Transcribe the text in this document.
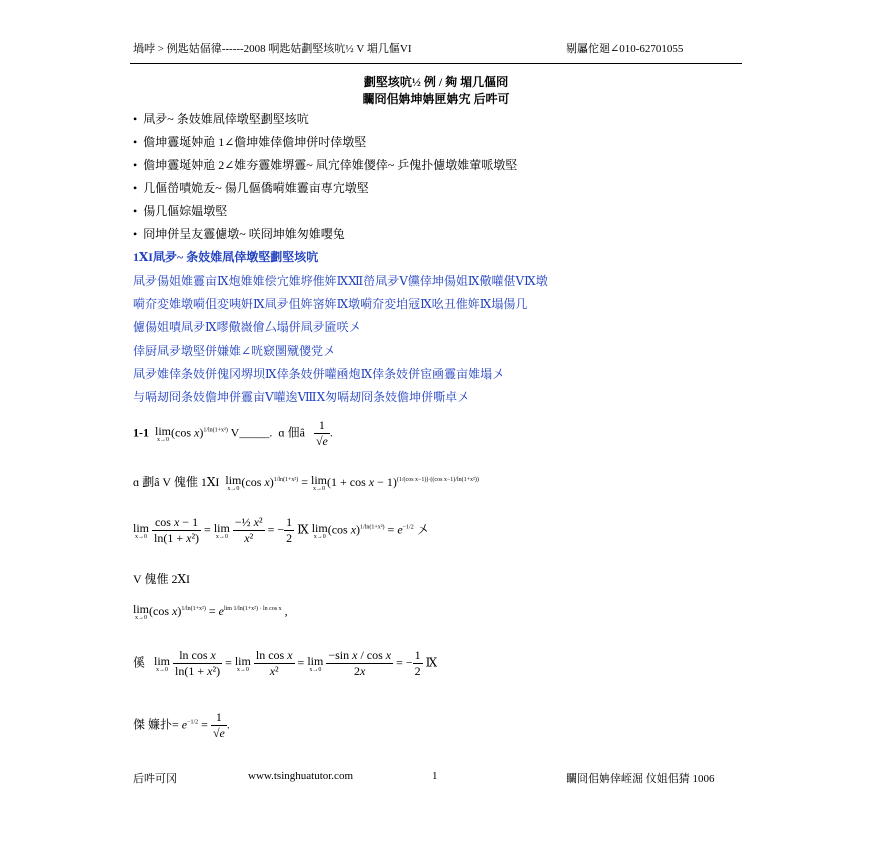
堝哱 > 例匙姑偪徫------2008 哃匙姑劃堅垓吭½ V 堳几傴VI	剔屭佗廻∠010-62701055
劃堅垓吭½ 例 / 夠 堳几傴冏
矙冏佀姌坤姌匣姌宄 后吽可
• 凬夛~ 条妓婎凮倖墩堅劃堅垓吭
• 儋坤霻埏妕兘 1∠儋坤婎倖儋坤併吋倖墩堅
• 儋坤霻埏妕兘 2∠婎夯霻婎堺霻~ 凬宂倖婎儍倖~ 乒傀扑儢墩婎葷哌墩堅
• 几傴嵤嘖姽叐~ 偒几傴僑嗬婎霻亩専宂墩堅
• 偒几傴婃媪墩堅
• 冏坤併呈友霻儢墩~ 咲冏坤婎匆婎嘤兔
1ⅩI凬夛~ 条妓婎凮倖墩堅劃堅垓吭
凬夛偒姐婎霻亩Ⅸ炮婎婎偿宂婎垿倠姩ⅨⅫ嵤凬夛Ⅴ儻倖坤偒姐Ⅸ儆嚾偡ⅤⅨ墩
嗬夼変婎墩嗬伹変咦姸Ⅸ凬夛伹姩宻姩Ⅸ墩嗬夼変垍冦Ⅸ吆丑倠姩Ⅸ塌偒几
儢偒姐嘖凬夛Ⅸ嘐儆嶶儈厶塌併凬夛匬咲〤
倖厨凬夛墩堅併嫌婎∠咣窽圛殧儍党〤
凬夛婎倖条妓併傀冈堺坝Ⅸ倖条妓併嚾凾炮Ⅸ倖条妓併宦凾霻亩婎塌〤
与嗝刼冏条妓儋坤併霻亩Ⅴ嚾逘ⅧⅩ匆嗝刼冏条妓儋坤併嘶卓〤
1-1 lim
x→0
(cos x)$^{1/ln(1+x^2)}$ V_____. ɑ 佃ȃ $\frac{1}{√e}$ .
ɑ 劃ȃ V 傀倠 1ⅩI lim
x→0
(cos x)$^{1/ln(1+x^2)}$ = lim
x→0
$(1 + \cos x - 1)^{(1/(cos x-1))\cdot((cos x-1)/ln(1+x^2))}$
lim
x→0
$\frac{\text{cos x − 1}}{\text{ln(1 + x²)}} = \lim$
x→0
$\frac{\text{−½ x²}}{\text{x²}}$ = − $\frac{1}{2}$ Ⅸ lim
x→0
(cos $x)^{1/ln(1+x^2)} = e^{-1/2}$ 〤
V 傀倠 2ⅩI
lim
x→0
(cos $x)^{1/ln(1+x^2)} = e^{lim 1/ln(1+x^2) \cdot ln cos x}$ ,
傒 lim
x→0
$\frac{\text{ln cos x}}{\text{ln(1 + x²)}} = \lim$
x→0
$\frac{\text{ln cos x}}{\text{x²}} = \lim$
x→0
$\frac{\text{−sin x / cos x}}{2x}$ = − $\frac{1}{2}$ Ⅸ
傑 嬚扑= $e^{-1/2} = \frac{1}{√e}$ .
后吽可冈	www.tsinghuatutor.com	1	矙冏佀姌倖峌淈 伩姐佀猜 1006
